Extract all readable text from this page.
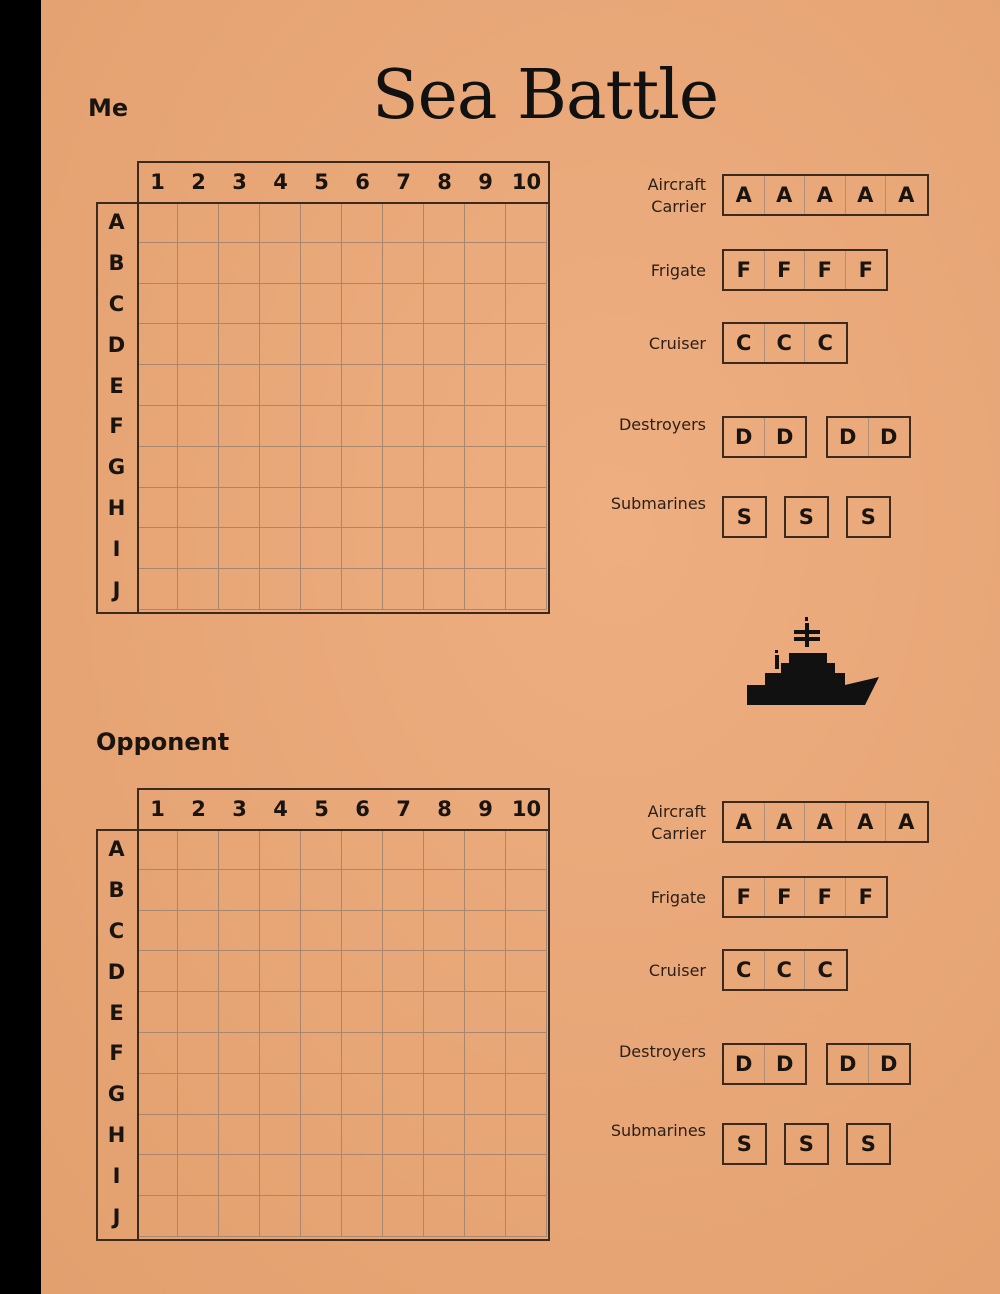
Sea Battle
Me
Opponent
1	2	3	4	5	6	7	8	9 10
A
B
C
D
E
F
G
H
I
J
1	2	3	4	5	6	7	8	9 10
A
B
C
D
E
F
G
H
I
J
Aircraft
Carrier	A	A	A	A	A
Frigate	F	F	F	F
Cruiser	C	C	C
Destroyers
D	D	D	D
Submarines
S	S	S
Aircraft
Carrier	A	A	A	A	A
Frigate	F	F	F	F
Cruiser	C	C	C
Destroyers
D	D	D	D
Submarines
S	S	S
